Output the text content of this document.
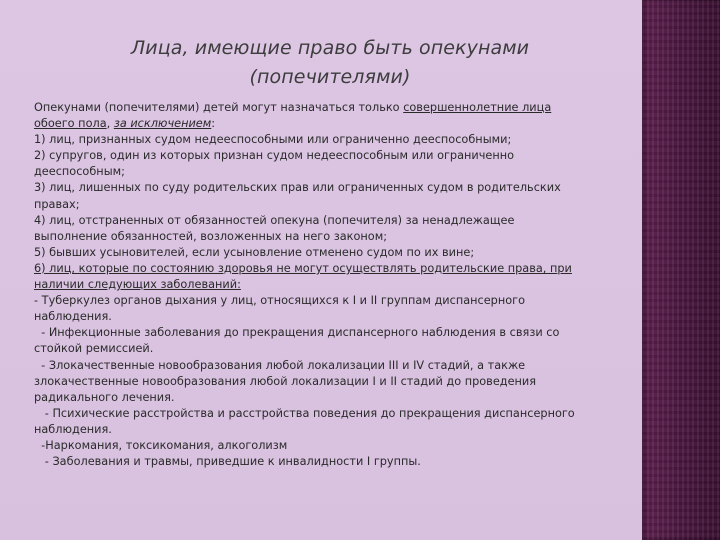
Лица, имеющие право быть опекунами
(попечителями)
Опекунами (попечителями) детей могут назначаться только совершеннолетние лица
обоего пола, за исключением:
1) лиц, признанных судом недееспособными или ограниченно дееспособными;
2) супругов, один из которых признан судом недееспособным или ограниченно
дееспособным;
3) лиц, лишенных по суду родительских прав или ограниченных судом в родительских
правах;
4) лиц, отстраненных от обязанностей опекуна (попечителя) за ненадлежащее
выполнение обязанностей, возложенных на него законом;
5) бывших усыновителей, если усыновление отменено судом по их вине;
6) лиц, которые по состоянию здоровья не могут осуществлять родительские права, при
наличии следующих заболеваний:
- Туберкулез органов дыхания у лиц, относящихся к I и II группам диспансерного
наблюдения.
- Инфекционные заболевания до прекращения диспансерного наблюдения в связи со
стойкой ремиссией.
- Злокачественные новообразования любой локализации III и IV стадий, а также
злокачественные новообразования любой локализации I и II стадий до проведения
радикального лечения.
- Психические расстройства и расстройства поведения до прекращения диспансерного
наблюдения.
-Наркомания, токсикомания, алкоголизм
- Заболевания и травмы, приведшие к инвалидности I группы.
